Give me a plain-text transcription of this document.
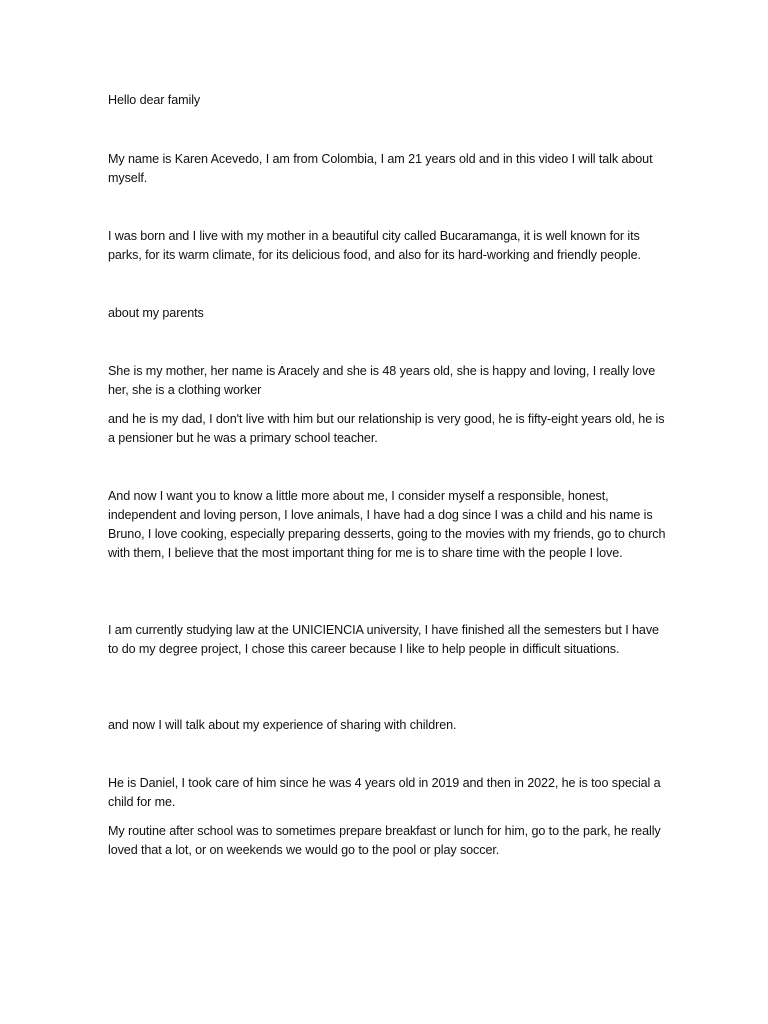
Hello dear family

My name is Karen Acevedo, I am from Colombia, I am 21 years old and in this video I will talk about myself.

I was born and I live with my mother in a beautiful city called Bucaramanga, it is well known for its parks, for its warm climate, for its delicious food, and also for its hard-working and friendly people.

about my parents

She is my mother, her name is Aracely and she is 48 years old, she is happy and loving, I really love her, she is a clothing worker

and he is my dad, I don't live with him but our relationship is very good, he is fifty-eight years old, he is a pensioner but he was a primary school teacher.

And now I want you to know a little more about me, I consider myself a responsible, honest, independent and loving person, I love animals, I have had a dog since I was a child and his name is Bruno, I love cooking, especially preparing desserts, going to the movies with my friends, go to church with them, I believe that the most important thing for me is to share time with the people I love.

I am currently studying law at the UNICIENCIA university, I have finished all the semesters but I have to do my degree project, I chose this career because I like to help people in difficult situations.

and now I will talk about my experience of sharing with children.

He is Daniel, I took care of him since he was 4 years old in 2019 and then in 2022, he is too special a child for me.

My routine after school was to sometimes prepare breakfast or lunch for him, go to the park, he really loved that a lot, or on weekends we would go to the pool or play soccer.
